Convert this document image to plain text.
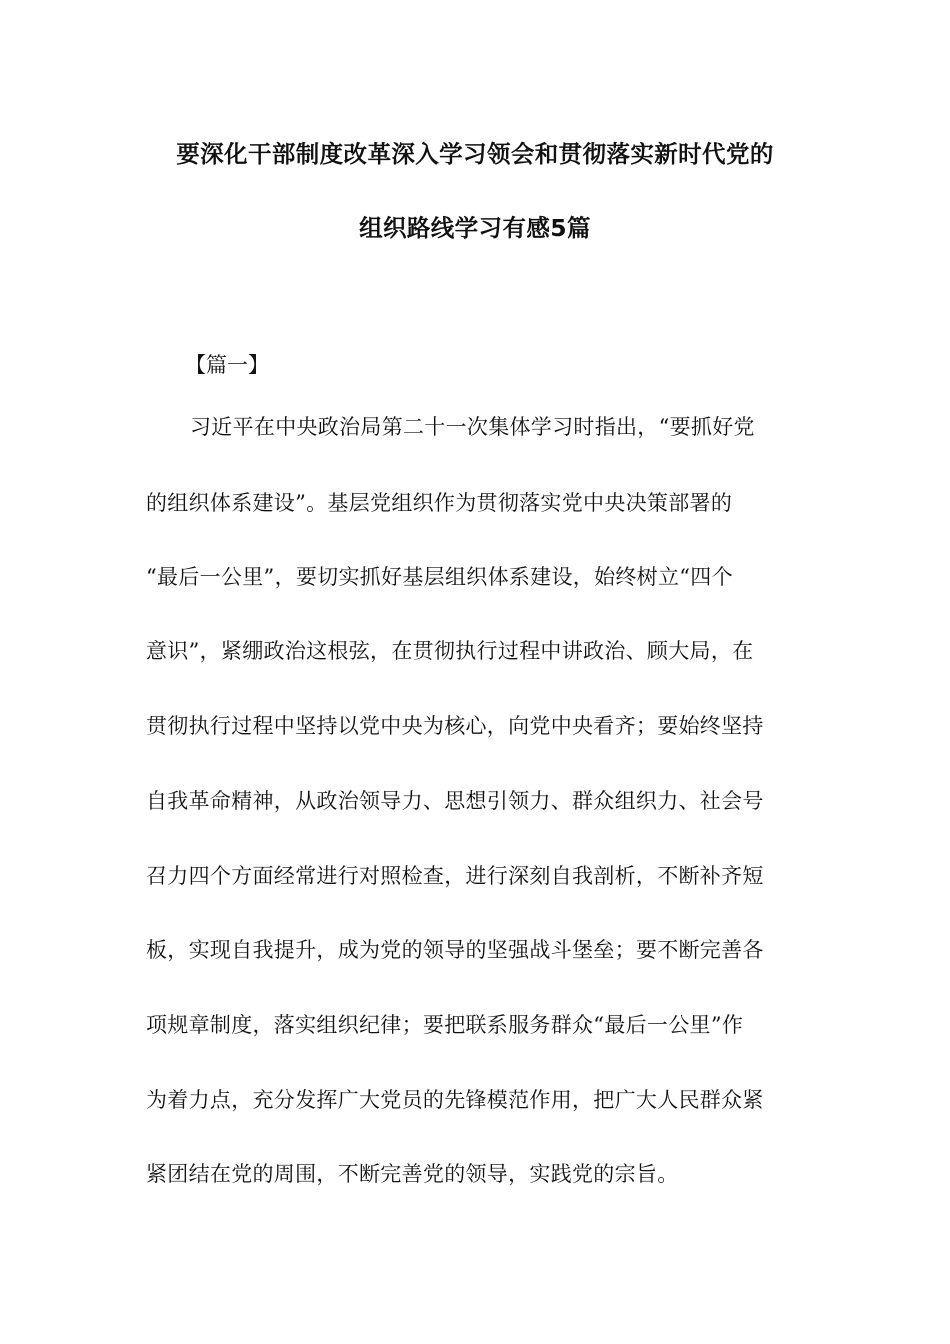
要深化干部制度改革深入学习领会和贯彻落实新时代党的
组织路线学习有感5篇
【篇一】
习近平在中央政治局第二十一次集体学习时指出，“要抓好党
的组织体系建设”。基层党组织作为贯彻落实党中央决策部署的
“最后一公里”，要切实抓好基层组织体系建设，始终树立“四个
意识”，紧绷政治这根弦，在贯彻执行过程中讲政治、顾大局，在
贯彻执行过程中坚持以党中央为核心，向党中央看齐；要始终坚持
自我革命精神，从政治领导力、思想引领力、群众组织力、社会号
召力四个方面经常进行对照检查，进行深刻自我剖析，不断补齐短
板，实现自我提升，成为党的领导的坚强战斗堡垒；要不断完善各
项规章制度，落实组织纪律；要把联系服务群众“最后一公里”作
为着力点，充分发挥广大党员的先锋模范作用，把广大人民群众紧
紧团结在党的周围，不断完善党的领导，实践党的宗旨。
